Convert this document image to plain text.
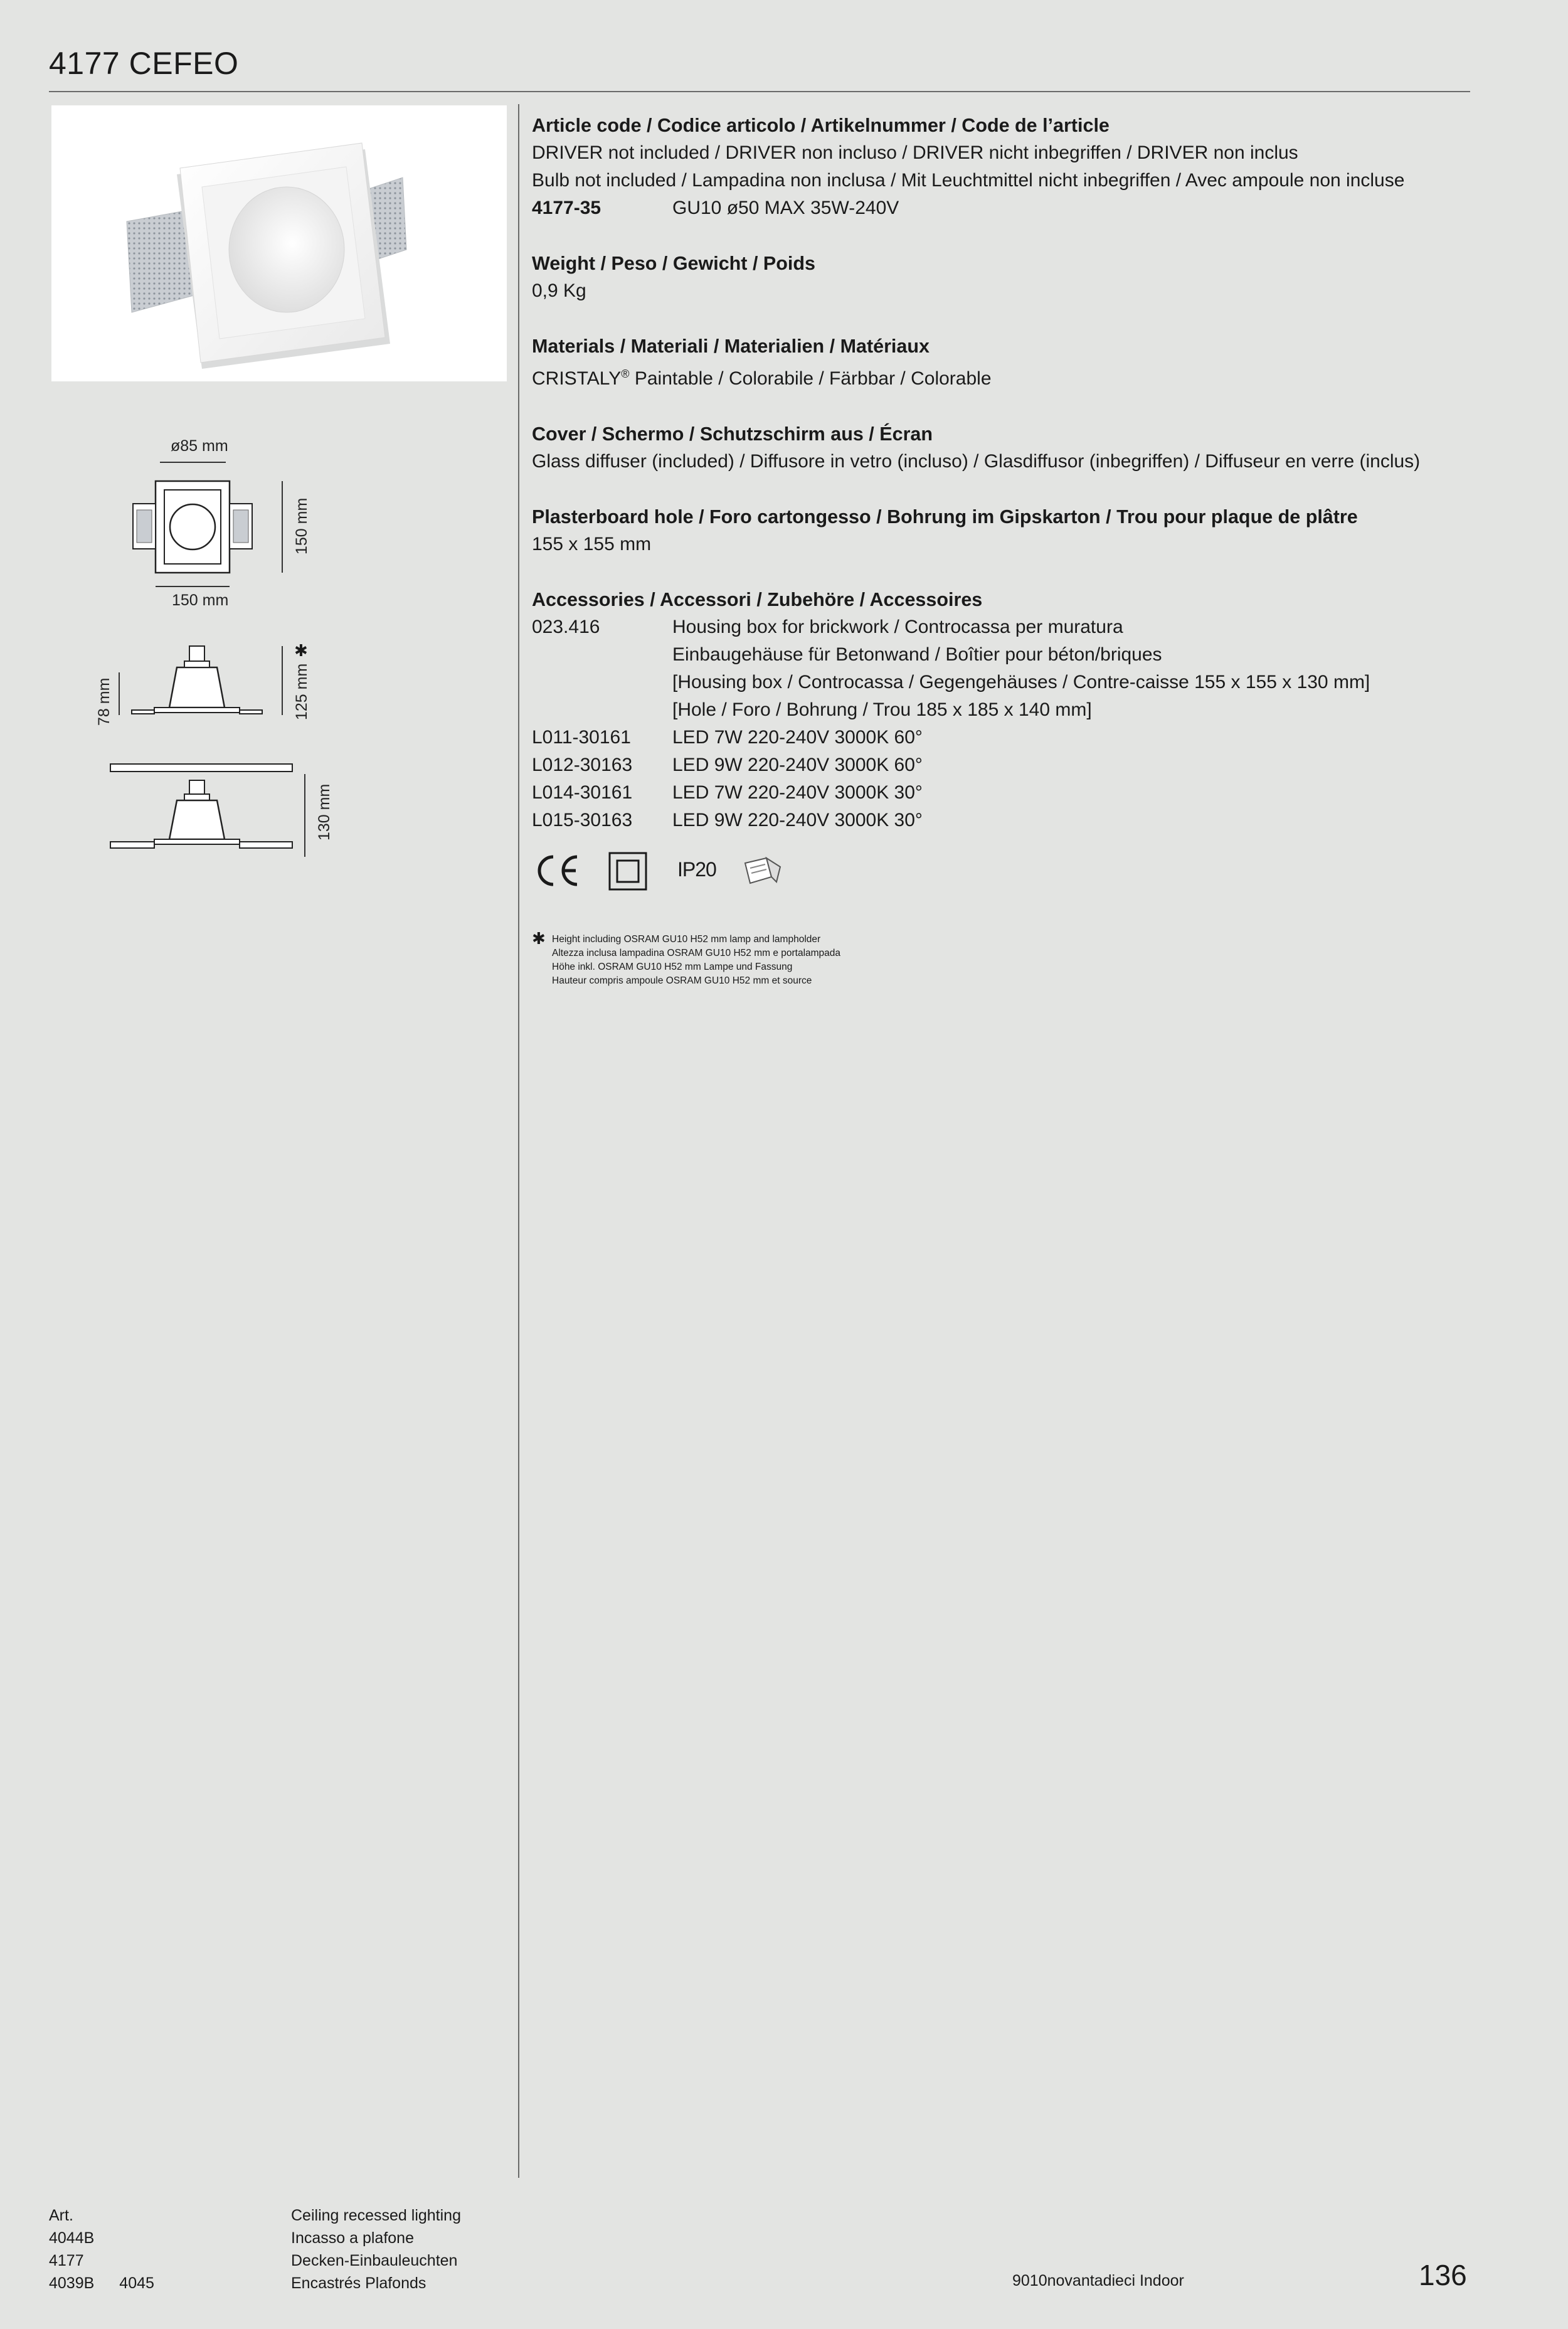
4177 CEFEO
ø85 mm
150 mm
150 mm
78 mm	125 mm
✱
130 mm
Article code / Codice articolo / Artikelnummer / Code de l’article
DRIVER not included / DRIVER non incluso / DRIVER nicht inbegriffen / DRIVER non inclus
Bulb not included / Lampadina non inclusa / Mit Leuchtmittel nicht inbegriffen / Avec ampoule non incluse
4177-35	GU10 ø50 MAX 35W-240V
Weight / Peso / Gewicht / Poids
0,9 Kg
Materials / Materiali / Materialien / Matériaux
CRISTALY® Paintable / Colorabile / Färbbar / Colorable
Cover / Schermo / Schutzschirm aus / Écran
Glass diffuser (included) / Diffusore in vetro (incluso) / Glasdiffusor (inbegriffen) / Diffuseur en verre (inclus)
Plasterboard hole / Foro cartongesso / Bohrung im Gipskarton / Trou pour plaque de plâtre
155 x 155 mm
Accessories / Accessori / Zubehöre / Accessoires
023.416	Housing box for brickwork / Controcassa per muratura
Einbaugehäuse für Betonwand / Boîtier pour béton/briques
[Housing box / Controcassa / Gegengehäuses / Contre-caisse 155 x 155 x 130 mm]
[Hole / Foro / Bohrung / Trou 185 x 185 x 140 mm]
L011-30161 LED 7W 220-240V 3000K 60°
L012-30163 LED 9W 220-240V 3000K 60°
L014-30161 LED 7W 220-240V 3000K 30°
L015-30163 LED 9W 220-240V 3000K 30°
IP20
✱ Height including OSRAM GU10 H52 mm lamp and lampholder
Altezza inclusa lampadina OSRAM GU10 H52 mm e portalampada
Höhe inkl. OSRAM GU10 H52 mm Lampe und Fassung
Hauteur compris ampoule OSRAM GU10 H52 mm et source
Art.
4044B
4177
4039B 4045
Ceiling recessed lighting
Incasso a plafone
Decken-Einbauleuchten
Encastrés Plafonds	9010novantadieci Indoor	136
